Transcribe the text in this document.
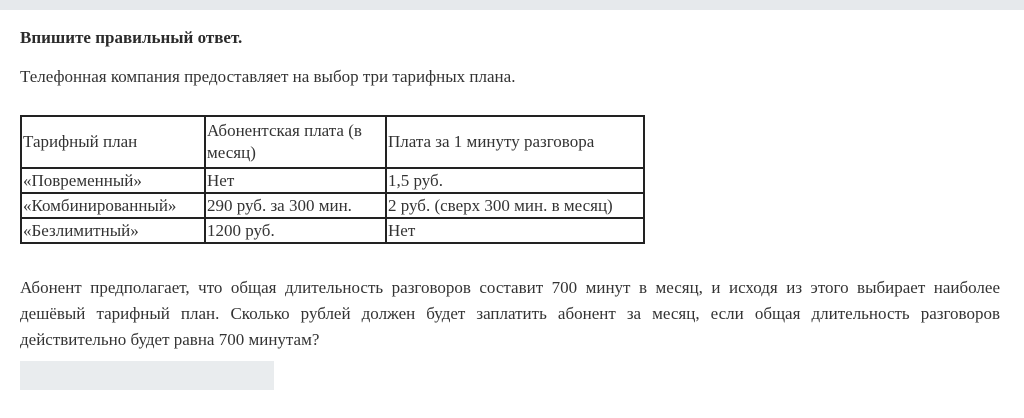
Впишите правильный ответ.

Телефонная компания предоставляет на выбор три тарифных плана.

Тарифный план	Абонентская плата (в месяц)	Плата за 1 минуту разговора
«Повременный»	Нет	1,5 руб.
«Комбинированный»	290 руб. за 300 мин.	2 руб. (сверх 300 мин. в месяц)
«Безлимитный»	1200 руб.	Нет

Абонент предполагает, что общая длительность разговоров составит 700 минут в месяц, и исходя из этого выбирает наиболее дешёвый тарифный план. Сколько рублей должен будет заплатить абонент за месяц, если общая длительность разговоров действительно будет равна 700 минутам?
